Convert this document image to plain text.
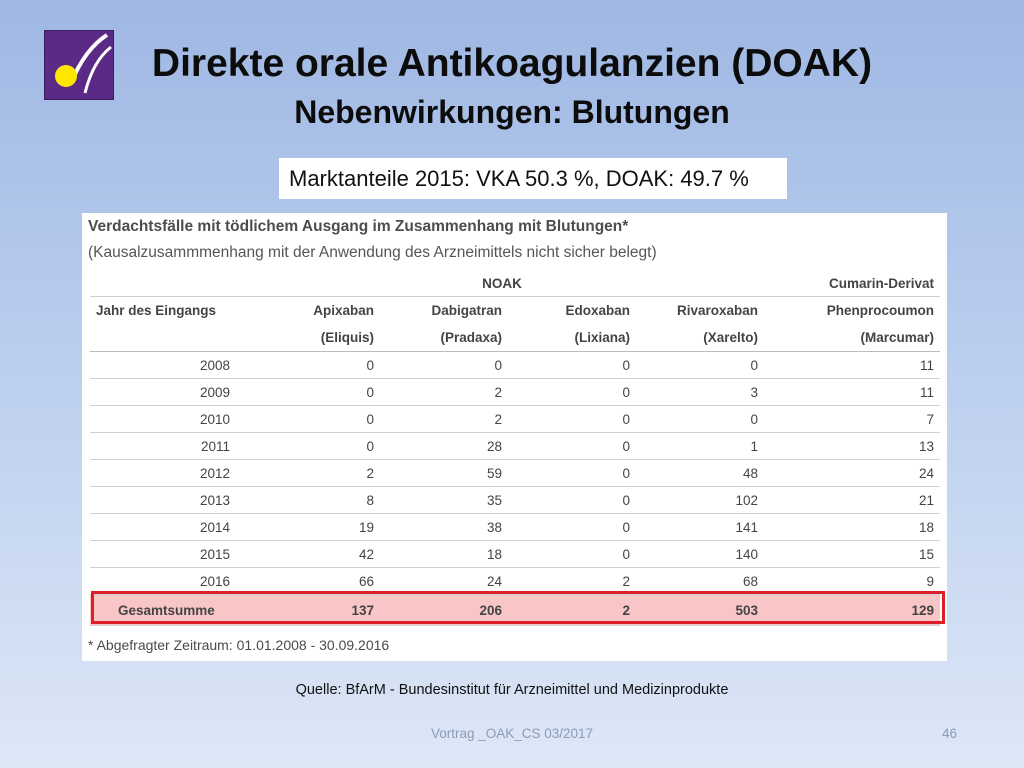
Direkte orale Antikoagulanzien (DOAK)
Nebenwirkungen: Blutungen
Marktanteile 2015: VKA 50.3 %, DOAK: 49.7 %
Verdachtsfälle mit tödlichem Ausgang im Zusammenhang mit Blutungen*
(Kausalzusammmenhang mit der Anwendung des Arzneimittels nicht sicher belegt)
	NOAK				Cumarin-Derivat
Jahr des Eingangs	Apixaban	Dabigatran	Edoxaban	Rivaroxaban	Phenprocoumon
	(Eliquis)	(Pradaxa)	(Lixiana)	(Xarelto)	(Marcumar)
2008	0	0	0	0	11
2009	0	2	0	3	11
2010	0	2	0	0	7
2011	0	28	0	1	13
2012	2	59	0	48	24
2013	8	35	0	102	21
2014	19	38	0	141	18
2015	42	18	0	140	15
2016	66	24	2	68	9
Gesamtsumme	137	206	2	503	129
* Abgefragter Zeitraum: 01.01.2008 - 30.09.2016
Quelle: BfArM - Bundesinstitut für Arzneimittel und Medizinprodukte
Vortrag _OAK_CS 03/2017	46
